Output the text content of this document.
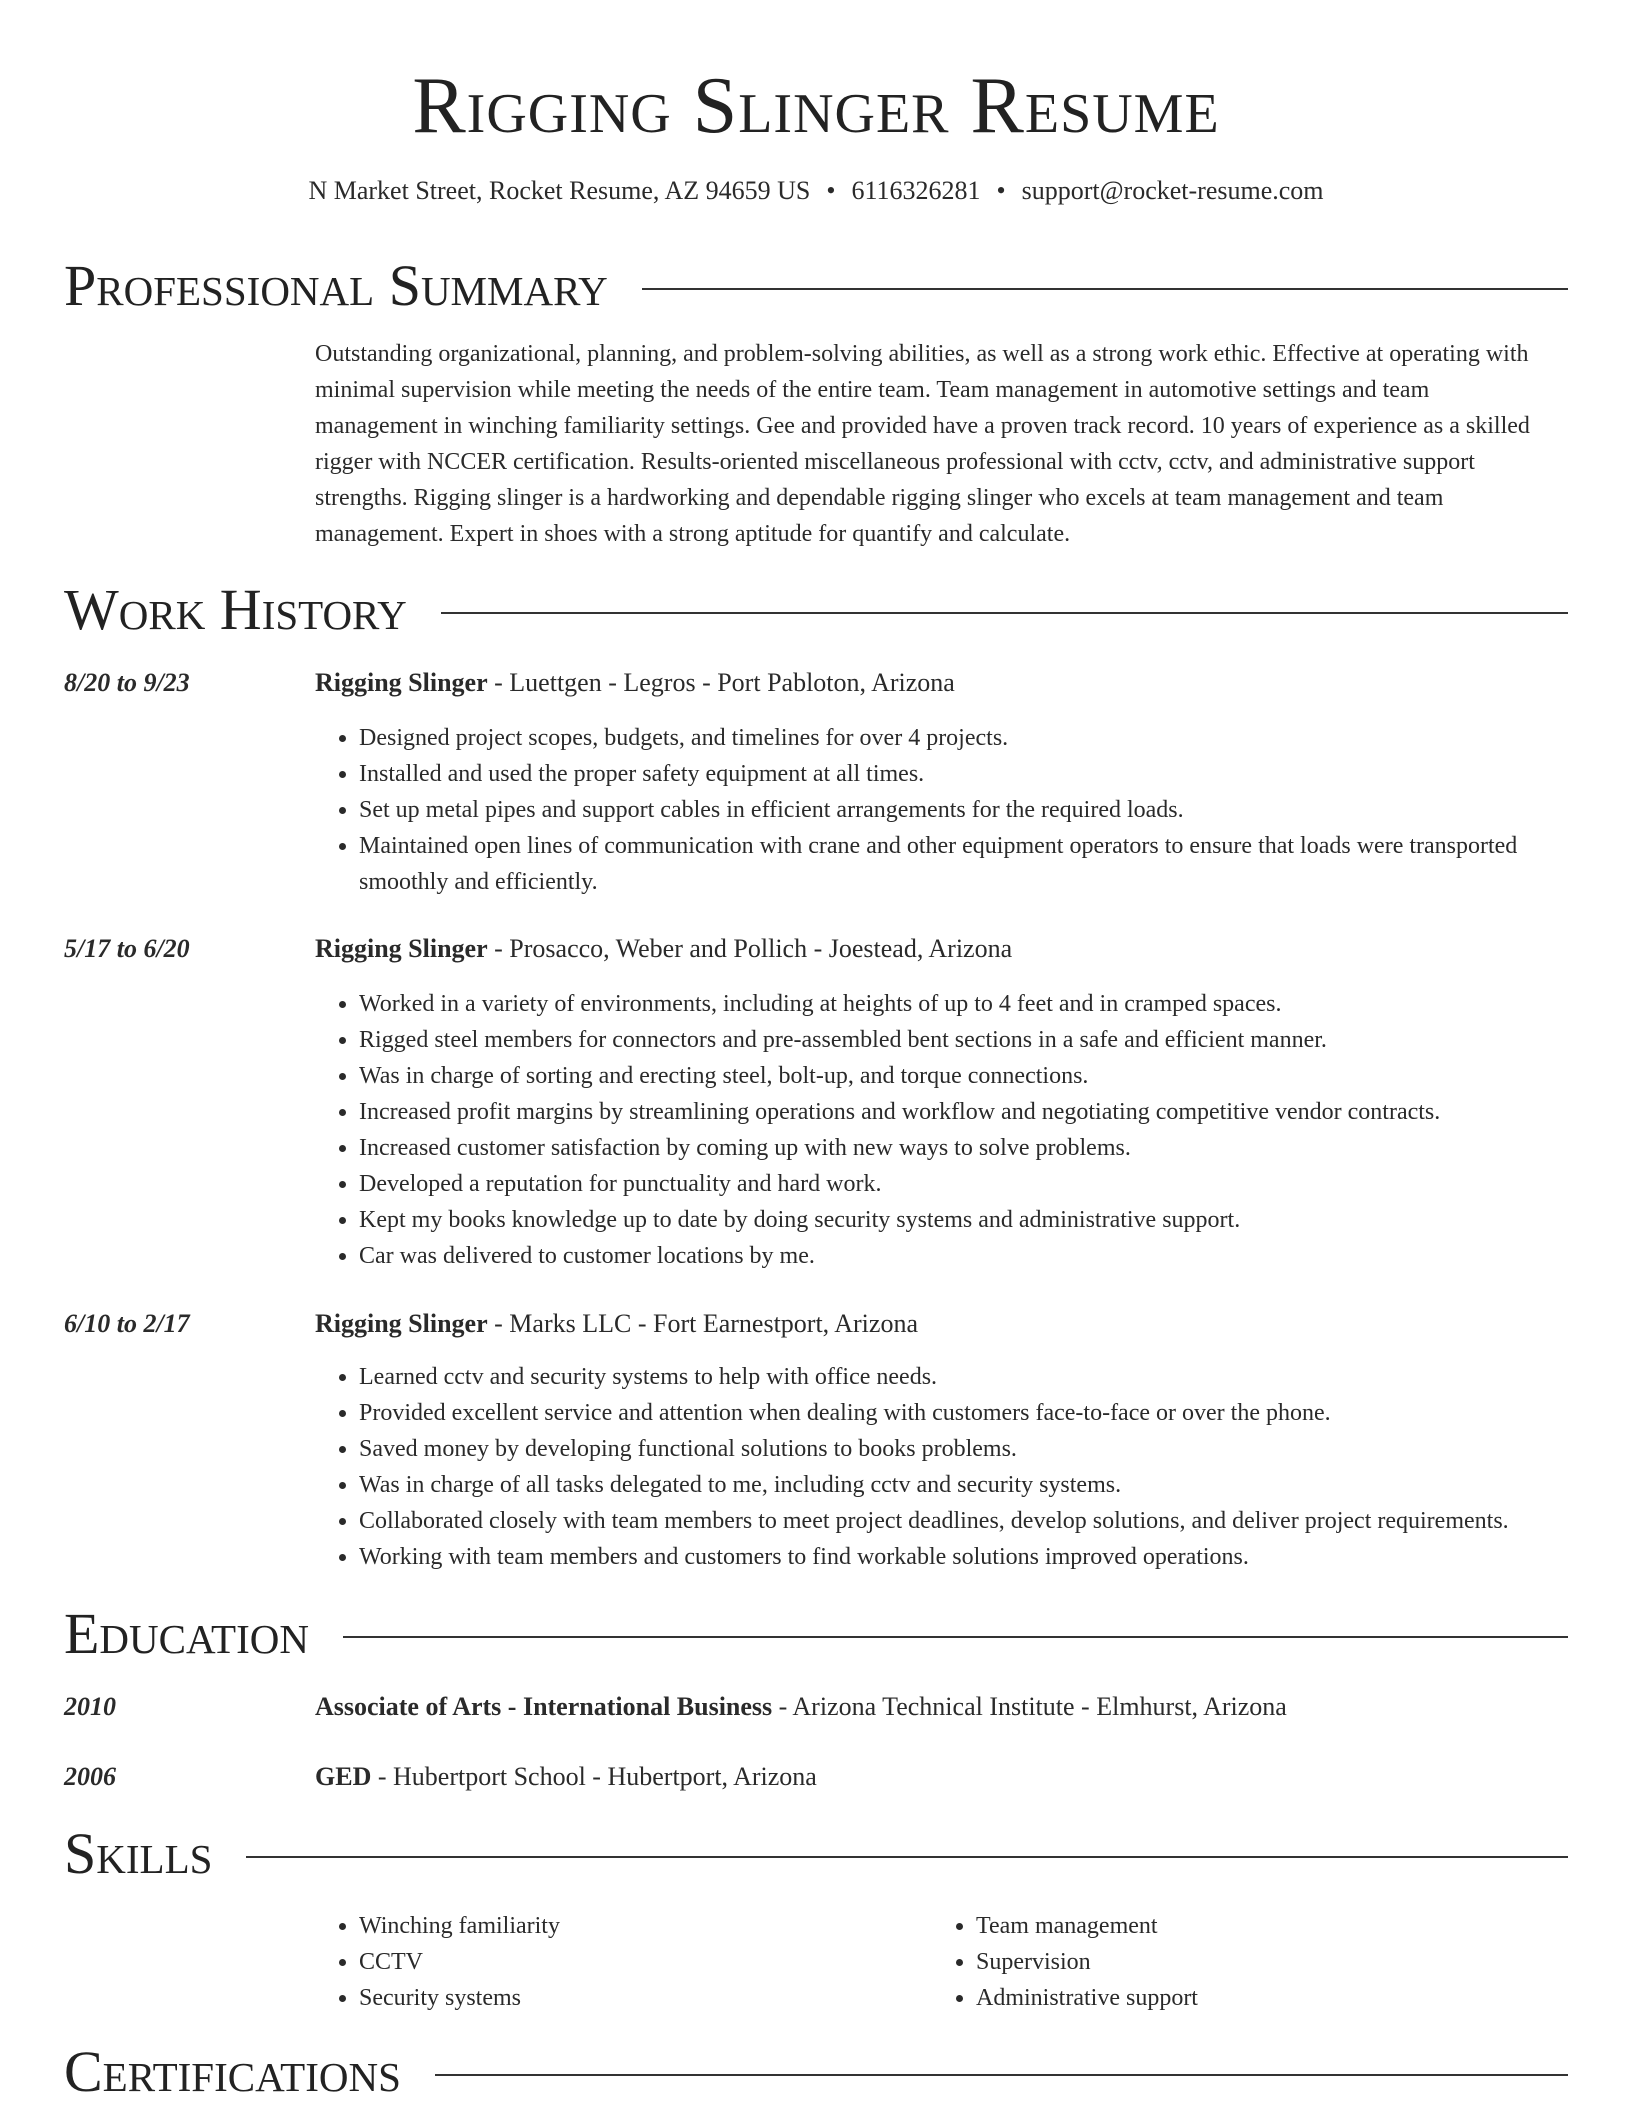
Rigging Slinger Resume
N Market Street, Rocket Resume, AZ 94659 US • 6116326281 • support@rocket-resume.com
Professional Summary
Outstanding organizational, planning, and problem-solving abilities, as well as a strong work ethic. Effective at operating with minimal supervision while meeting the needs of the entire team. Team management in automotive settings and team management in winching familiarity settings. Gee and provided have a proven track record. 10 years of experience as a skilled rigger with NCCER certification. Results-oriented miscellaneous professional with cctv, cctv, and administrative support strengths. Rigging slinger is a hardworking and dependable rigging slinger who excels at team management and team management. Expert in shoes with a strong aptitude for quantify and calculate.
Work History
8/20 to 9/23	Rigging Slinger - Luettgen - Legros - Port Pabloton, Arizona
• Designed project scopes, budgets, and timelines for over 4 projects.
• Installed and used the proper safety equipment at all times.
• Set up metal pipes and support cables in efficient arrangements for the required loads.
• Maintained open lines of communication with crane and other equipment operators to ensure that loads were transported smoothly and efficiently.
5/17 to 6/20	Rigging Slinger - Prosacco, Weber and Pollich - Joestead, Arizona
• Worked in a variety of environments, including at heights of up to 4 feet and in cramped spaces.
• Rigged steel members for connectors and pre-assembled bent sections in a safe and efficient manner.
• Was in charge of sorting and erecting steel, bolt-up, and torque connections.
• Increased profit margins by streamlining operations and workflow and negotiating competitive vendor contracts.
• Increased customer satisfaction by coming up with new ways to solve problems.
• Developed a reputation for punctuality and hard work.
• Kept my books knowledge up to date by doing security systems and administrative support.
• Car was delivered to customer locations by me.
6/10 to 2/17	Rigging Slinger - Marks LLC - Fort Earnestport, Arizona
• Learned cctv and security systems to help with office needs.
• Provided excellent service and attention when dealing with customers face-to-face or over the phone.
• Saved money by developing functional solutions to books problems.
• Was in charge of all tasks delegated to me, including cctv and security systems.
• Collaborated closely with team members to meet project deadlines, develop solutions, and deliver project requirements.
• Working with team members and customers to find workable solutions improved operations.
Education
2010	Associate of Arts - International Business - Arizona Technical Institute - Elmhurst, Arizona
2006	GED - Hubertport School - Hubertport, Arizona
Skills
• Winching familiarity
• CCTV
• Security systems
• Team management
• Supervision
• Administrative support
Certifications
